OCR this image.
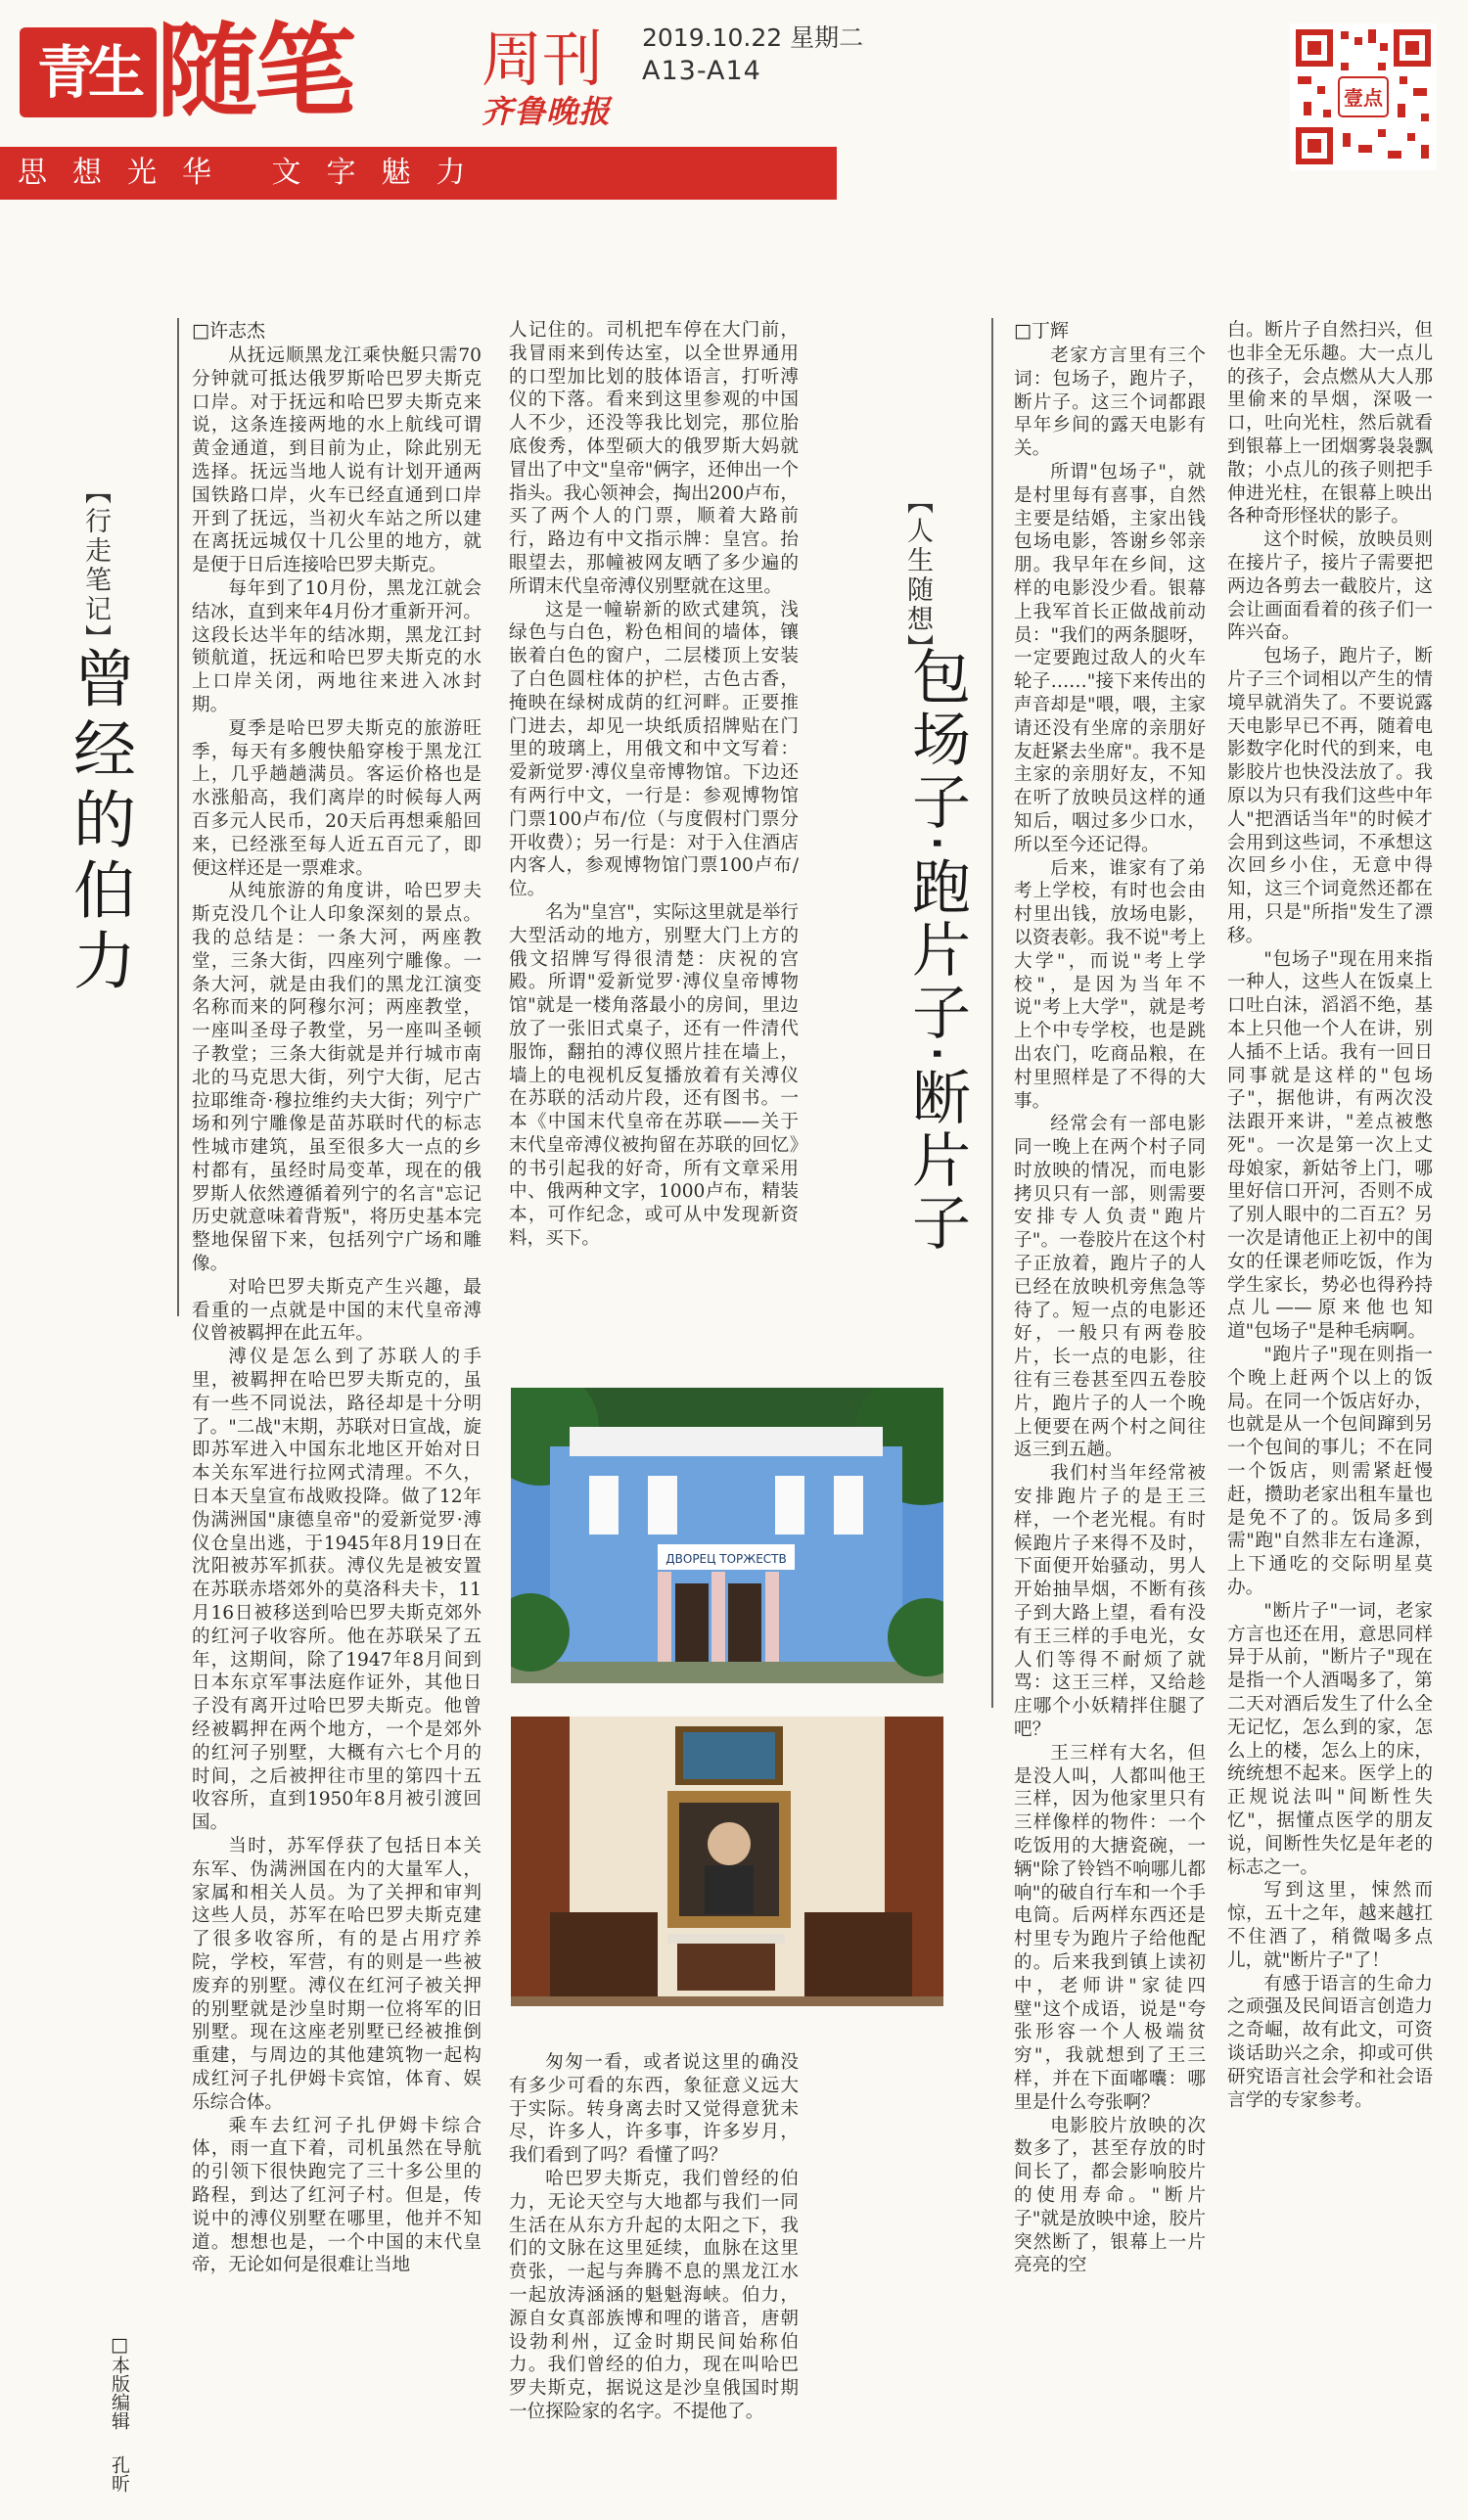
青生 随笔	周刊
齐鲁晚报
2019.10.22 星期二
A13-A14
思想光华 文字魅力
壹点
【行走笔记】
曾经的伯力
□许志杰

从抚远顺黑龙江乘快艇只需70分钟就可抵达俄罗斯哈巴罗夫斯克口岸。对于抚远和哈巴罗夫斯克来说，这条连接两地的水上航线可谓黄金通道，到目前为止，除此别无选择。抚远当地人说有计划开通两国铁路口岸，火车已经直通到口岸开到了抚远，当初火车站之所以建在离抚远城仅十几公里的地方，就是便于日后连接哈巴罗夫斯克。

每年到了10月份，黑龙江就会结冰，直到来年4月份才重新开河。这段长达半年的结冰期，黑龙江封锁航道，抚远和哈巴罗夫斯克的水上口岸关闭，两地往来进入冰封期。

夏季是哈巴罗夫斯克的旅游旺季，每天有多艘快船穿梭于黑龙江上，几乎趟趟满员。客运价格也是水涨船高，我们离岸的时候每人两百多元人民币，20天后再想乘船回来，已经涨至每人近五百元了，即便这样还是一票难求。

从纯旅游的角度讲，哈巴罗夫斯克没几个让人印象深刻的景点。我的总结是：一条大河，两座教堂，三条大街，四座列宁雕像。一条大河，就是由我们的黑龙江演变名称而来的阿穆尔河；两座教堂，一座叫圣母子教堂，另一座叫圣顿子教堂；三条大街就是并行城市南北的马克思大街，列宁大街，尼古拉耶维奇·穆拉维约夫大街；列宁广场和列宁雕像是苗苏联时代的标志性城市建筑，虽至很多大一点的乡村都有，虽经时局变革，现在的俄罗斯人依然遵循着列宁的名言"忘记历史就意味着背叛"，将历史基本完整地保留下来，包括列宁广场和雕像。

对哈巴罗夫斯克产生兴趣，最看重的一点就是中国的末代皇帝溥仪曾被羁押在此五年。

溥仪是怎么到了苏联人的手里，被羁押在哈巴罗夫斯克的，虽有一些不同说法，路径却是十分明了。"二战"末期，苏联对日宣战，旋即苏军进入中国东北地区开始对日本关东军进行拉网式清理。不久，日本天皇宣布战败投降。做了12年伪满洲国"康德皇帝"的爱新觉罗·溥仪仓皇出逃，于1945年8月19日在沈阳被苏军抓获。溥仪先是被安置在苏联赤塔郊外的莫洛科夫卡，11月16日被移送到哈巴罗夫斯克郊外的红河子收容所。他在苏联呆了五年，这期间，除了1947年8月间到日本东京军事法庭作证外，其他日子没有离开过哈巴罗夫斯克。他曾经被羁押在两个地方，一个是郊外的红河子别墅，大概有六七个月的时间，之后被押往市里的第四十五收容所，直到1950年8月被引渡回国。

当时，苏军俘获了包括日本关东军、伪满洲国在内的大量军人，家属和相关人员。为了关押和审判这些人员，苏军在哈巴罗夫斯克建了很多收容所，有的是占用疗养院，学校，军营，有的则是一些被废弃的别墅。溥仪在红河子被关押的别墅就是沙皇时期一位将军的旧别墅。现在这座老别墅已经被推倒重建，与周边的其他建筑物一起构成红河子扎伊姆卡宾馆，体育、娱乐综合体。

乘车去红河子扎伊姆卡综合体，雨一直下着，司机虽然在导航的引领下很快跑完了三十多公里的路程，到达了红河子村。但是，传说中的溥仪别墅在哪里，他并不知道。想想也是，一个中国的末代皇帝，无论如何是很难让当地

人记住的。司机把车停在大门前，我冒雨来到传达室，以全世界通用的口型加比划的肢体语言，打听溥仪的下落。看来到这里参观的中国人不少，还没等我比划完，那位胎底俊秀，体型硕大的俄罗斯大妈就冒出了中文"皇帝"俩字，还伸出一个指头。我心领神会，掏出200卢布，买了两个人的门票，顺着大路前行，路边有中文指示牌：皇宫。抬眼望去，那幢被网友晒了多少遍的所谓末代皇帝溥仪别墅就在这里。

这是一幢崭新的欧式建筑，浅绿色与白色，粉色相间的墙体，镶嵌着白色的窗户，二层楼顶上安装了白色圆柱体的护栏，古色古香，掩映在绿树成荫的红河畔。正要推门进去，却见一块纸质招牌贴在门里的玻璃上，用俄文和中文写着：爱新觉罗·溥仪皇帝博物馆。下边还有两行中文，一行是：参观博物馆门票100卢布/位（与度假村门票分开收费）；另一行是：对于入住酒店内客人，参观博物馆门票100卢布/位。

名为"皇宫"，实际这里就是举行大型活动的地方，别墅大门上方的俄文招牌写得很清楚：庆祝的宫殿。所谓"爱新觉罗·溥仪皇帝博物馆"就是一楼角落最小的房间，里边放了一张旧式桌子，还有一件清代服饰，翻拍的溥仪照片挂在墙上，墙上的电视机反复播放着有关溥仪在苏联的活动片段，还有图书。一本《中国末代皇帝在苏联——关于末代皇帝溥仪被拘留在苏联的回忆》的书引起我的好奇，所有文章采用中、俄两种文字，1000卢布，精装本，可作纪念，或可从中发现新资料，买下。

匆匆一看，或者说这里的确没有多少可看的东西，象征意义远大于实际。转身离去时又觉得意犹未尽，许多人，许多事，许多岁月，我们看到了吗？看懂了吗？

哈巴罗夫斯克，我们曾经的伯力，无论天空与大地都与我们一同生活在从东方升起的太阳之下，我们的文脉在这里延续，血脉在这里贲张，一起与奔腾不息的黑龙江水一起放涛涵涵的魁魁海峡。伯力，源自女真部族博和哩的谐音，唐朝设勃利州，辽金时期民间始称伯力。我们曾经的伯力，现在叫哈巴罗夫斯克，据说这是沙皇俄国时期一位探险家的名字。不提他了。

ДВОРЕЦ ТОРЖЕСТВ
【人生随想】
包场子·跑片子·断片子
□丁辉

老家方言里有三个词：包场子，跑片子，断片子。这三个词都跟早年乡间的露天电影有关。

所谓"包场子"，就是村里每有喜事，自然主要是结婚，主家出钱包场电影，答谢乡邻亲朋。我早年在乡间，这样的电影没少看。银幕上我军首长正做战前动员："我们的两条腿呀，一定要跑过敌人的火车轮子……"接下来传出的声音却是"喂，喂，主家请还没有坐席的亲朋好友赶紧去坐席"。我不是主家的亲朋好友，不知在听了放映员这样的通知后，咽过多少口水，所以至今还记得。

后来，谁家有了弟考上学校，有时也会由村里出钱，放场电影，以资表彰。我不说"考上大学"，而说"考上学校"，是因为当年不说"考上大学"，就是考上个中专学校，也是跳出农门，吃商品粮，在村里照样是了不得的大事。

经常会有一部电影同一晚上在两个村子同时放映的情况，而电影拷贝只有一部，则需要安排专人负责"跑片子"。一卷胶片在这个村子正放着，跑片子的人已经在放映机旁焦急等待了。短一点的电影还好，一般只有两卷胶片，长一点的电影，往往有三卷甚至四五卷胶片，跑片子的人一个晚上便要在两个村之间往返三到五趟。

我们村当年经常被安排跑片子的是王三样，一个老光棍。有时候跑片子来得不及时，下面便开始骚动，男人开始抽旱烟，不断有孩子到大路上望，看有没有王三样的手电光，女人们等得不耐烦了就骂：这王三样，又给趁庄哪个小妖精拌住腿了吧？

王三样有大名，但是没人叫，人都叫他王三样，因为他家里只有三样像样的物件：一个吃饭用的大搪瓷碗，一辆"除了铃铛不响哪儿都响"的破自行车和一个手电筒。后两样东西还是村里专为跑片子给他配的。后来我到镇上读初中，老师讲"家徒四壁"这个成语，说是"夸张形容一个人极端贫穷"，我就想到了王三样，并在下面嘟囔：哪里是什么夸张啊？

电影胶片放映的次数多了，甚至存放的时间长了，都会影响胶片的使用寿命。"断片子"就是放映中途，胶片突然断了，银幕上一片亮亮的空

白。断片子自然扫兴，但也非全无乐趣。大一点儿的孩子，会点燃从大人那里偷来的旱烟，深吸一口，吐向光柱，然后就看到银幕上一团烟雾袅袅飘散；小点儿的孩子则把手伸进光柱，在银幕上映出各种奇形怪状的影子。

这个时候，放映员则在接片子，接片子需要把两边各剪去一截胶片，这会让画面看着的孩子们一阵兴奋。

包场子，跑片子，断片子三个词相以产生的情境早就消失了。不要说露天电影早已不再，随着电影数字化时代的到来，电影胶片也快没法放了。我原以为只有我们这些中年人"把酒话当年"的时候才会用到这些词，不承想这次回乡小住，无意中得知，这三个词竟然还都在用，只是"所指"发生了漂移。

"包场子"现在用来指一种人，这些人在饭桌上口吐白沫，滔滔不绝，基本上只他一个人在讲，别人插不上话。我有一回日同事就是这样的"包场子"，据他讲，有两次没法跟开来讲，"差点被憋死"。一次是第一次上丈母娘家，新姑爷上门，哪里好信口开河，否则不成了别人眼中的二百五？另一次是请他正上初中的闺女的任课老师吃饭，作为学生家长，势必也得矜持点儿——原来他也知道"包场子"是种毛病啊。

"跑片子"现在则指一个晚上赶两个以上的饭局。在同一个饭店好办，也就是从一个包间蹿到另一个包间的事儿；不在同一个饭店，则需紧赶慢赶，攒助老家出租车量也是免不了的。饭局多到需"跑"自然非左右逢源，上下通吃的交际明星莫办。

"断片子"一词，老家方言也还在用，意思同样异于从前，"断片子"现在是指一个人酒喝多了，第二天对酒后发生了什么全无记忆，怎么到的家，怎么上的楼，怎么上的床，统统想不起来。医学上的正规说法叫"间断性失忆"，据懂点医学的朋友说，间断性失忆是年老的标志之一。

写到这里，悚然而惊，五十之年，越来越扛不住酒了，稍微喝多点儿，就"断片子"了！

有感于语言的生命力之顽强及民间语言创造力之奇崛，故有此文，可资谈话助兴之余，抑或可供研究语言社会学和社会语言学的专家参考。

□本版编辑 孔昕
